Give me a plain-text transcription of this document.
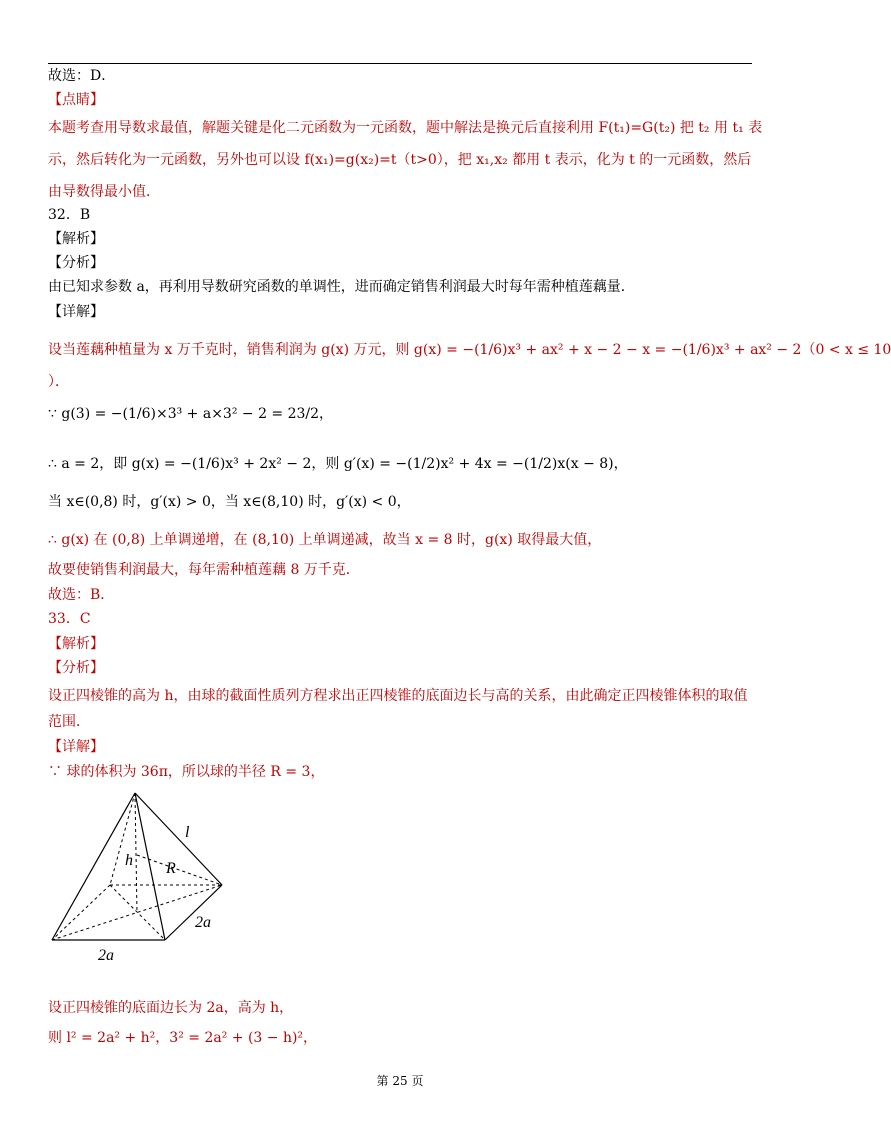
故选：D．
【点睛】
本题考查用导数求最值，解题关键是化二元函数为一元函数，题中解法是换元后直接利用 F(t₁)=G(t₂) 把 t₂ 用 t₁ 表
示，然后转化为一元函数，另外也可以设 f(x₁)=g(x₂)=t（t>0），把 x₁,x₂ 都用 t 表示，化为 t 的一元函数，然后
由导数得最小值．
32．B
【解析】
【分析】
由已知求参数 a，再利用导数研究函数的单调性，进而确定销售利润最大时每年需种植莲藕量．
【详解】
设当莲藕种植量为 x 万千克时，销售利润为 g(x) 万元，则 g(x) = −(1/6)x³ + ax² + x − 2 − x = −(1/6)x³ + ax² − 2（0 < x ≤ 10
）．
∵ g(3) = −(1/6)×3³ + a×3² − 2 = 23/2，
∴ a = 2，即 g(x) = −(1/6)x³ + 2x² − 2，则 g′(x) = −(1/2)x² + 4x = −(1/2)x(x − 8)，
当 x∈(0,8) 时，g′(x) > 0，当 x∈(8,10) 时，g′(x) < 0，
∴ g(x) 在 (0,8) 上单调递增，在 (8,10) 上单调递减，故当 x = 8 时，g(x) 取得最大值，
故要使销售利润最大，每年需种植莲藕 8 万千克．
故选：B．
33．C
【解析】
【分析】
设正四棱锥的高为 h，由球的截面性质列方程求出正四棱锥的底面边长与高的关系，由此确定正四棱锥体积的取值
范围．
【详解】
∵ 球的体积为 36π，所以球的半径 R = 3，
设正四棱锥的底面边长为 2a，高为 h，
则 l² = 2a² + h²，3² = 2a² + (3 − h)²，
l
h R
2a
2a
第 25 页
